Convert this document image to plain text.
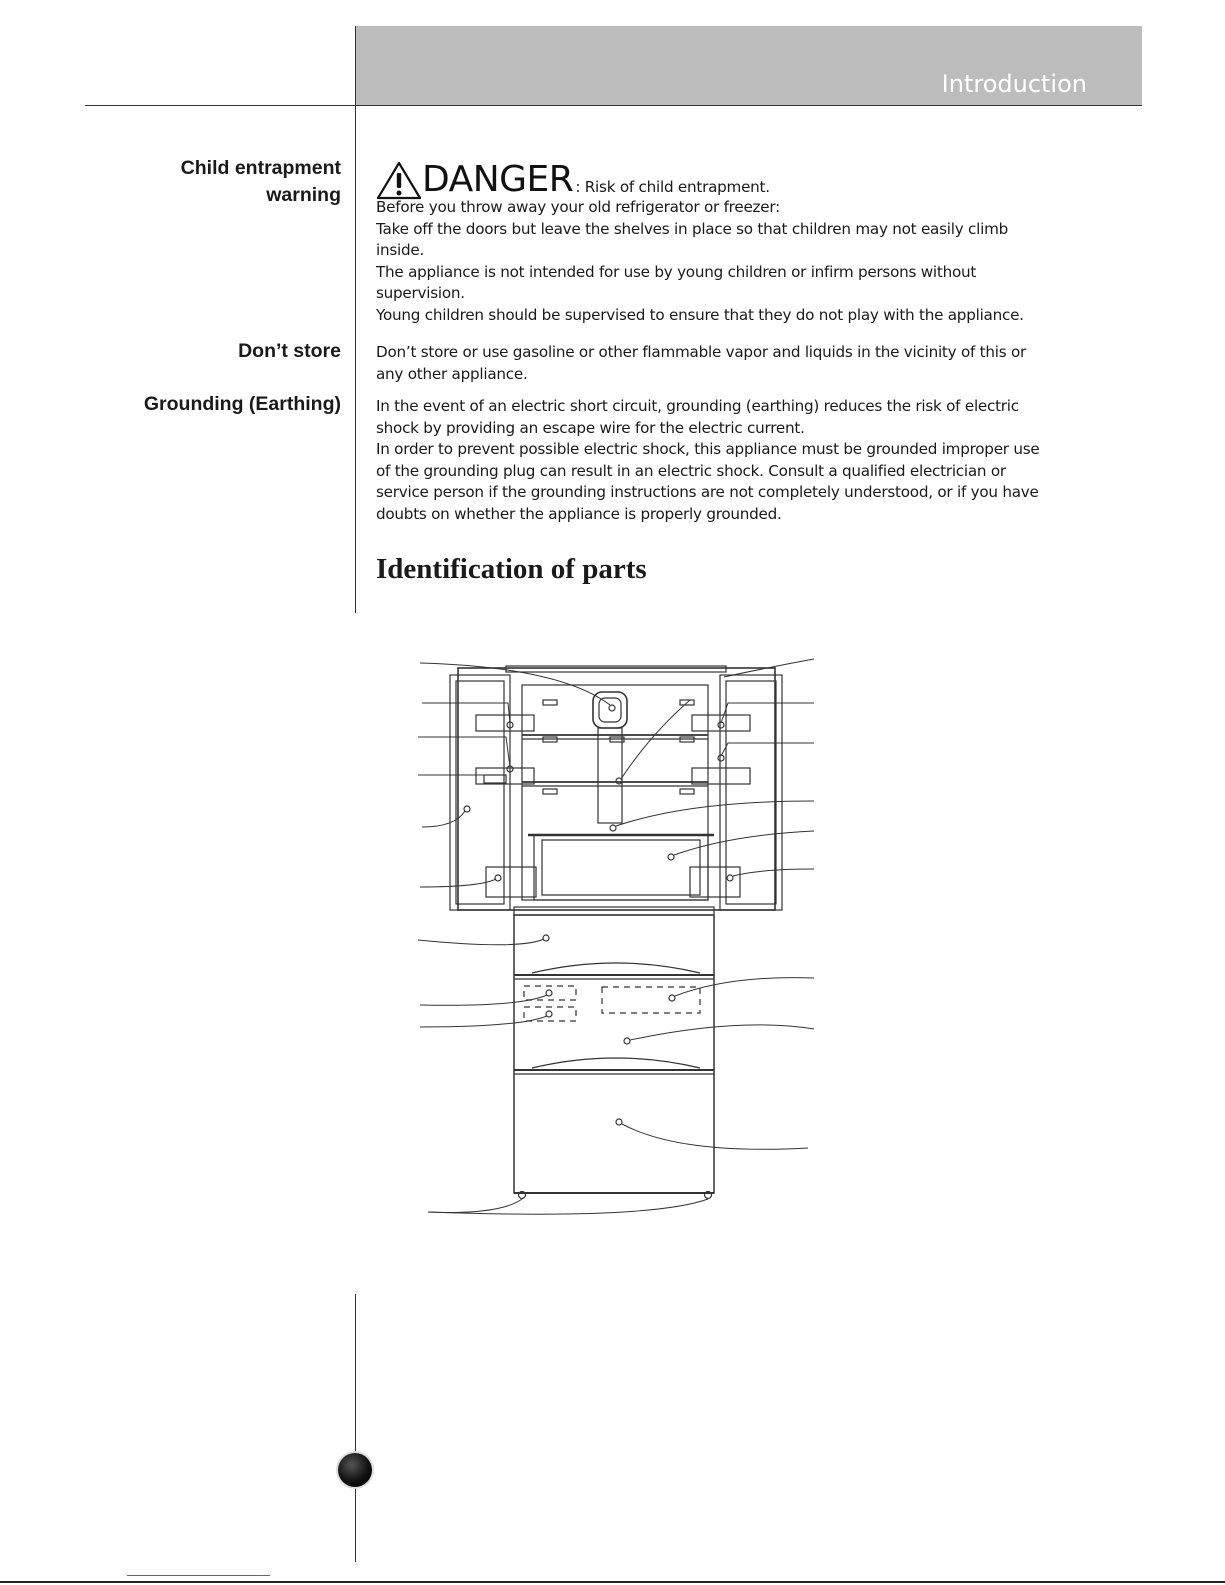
Introduction
Child entrapment
warning DANGER : Risk of child entrapment.

Before you throw away your old refrigerator or freezer:

Take off the doors but leave the shelves in place so that children may not easily climb inside.

The appliance is not intended for use by young children or infirm persons without supervision.

Young children should be supervised to ensure that they do not play with the appliance.

Don’t store Don’t store or use gasoline or other flammable vapor and liquids in the vicinity of this or any other appliance.

Grounding (Earthing) In the event of an electric short circuit, grounding (earthing) reduces the risk of electric shock by providing an escape wire for the electric current.

In order to prevent possible electric shock, this appliance must be grounded improper use of the grounding plug can result in an electric shock. Consult a qualified electrician or service person if the grounding instructions are not completely understood, or if you have doubts on whether the appliance is properly grounded.

Identification of parts
